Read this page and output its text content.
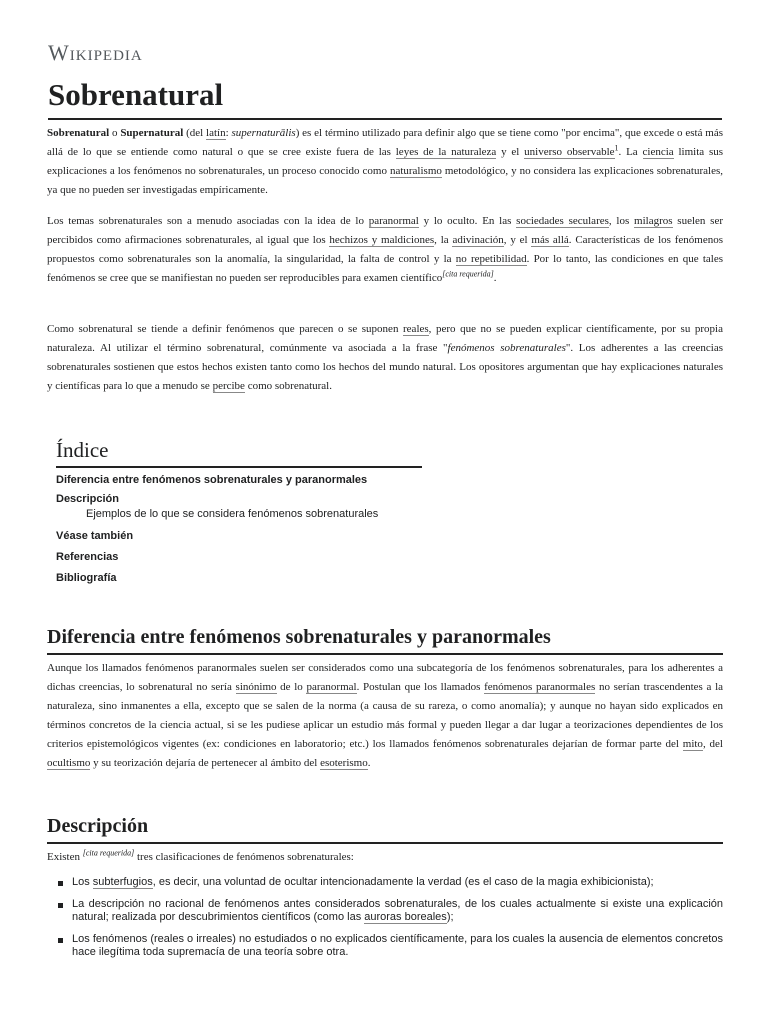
Wikipedia
Sobrenatural
Sobrenatural o Supernatural (del latín: supernaturālis) es el término utilizado para definir algo que se tiene como "por encima", que excede o está más allá de lo que se entiende como natural o que se cree existe fuera de las leyes de la naturaleza y el universo observable$^1$. La ciencia limita sus explicaciones a los fenómenos no sobrenaturales, un proceso conocido como naturalismo metodológico, y no considera las explicaciones sobrenaturales, ya que no pueden ser investigadas empíricamente.
Los temas sobrenaturales son a menudo asociadas con la idea de lo paranormal y lo oculto. En las sociedades seculares, los milagros suelen ser percibidos como afirmaciones sobrenaturales, al igual que los hechizos y maldiciones, la adivinación, y el más allá. Características de los fenómenos propuestos como sobrenaturales son la anomalía, la singularidad, la falta de control y la no repetibilidad. Por lo tanto, las condiciones en que tales fenómenos se cree que se manifiestan no pueden ser reproducibles para examen científico[cita requerida].
Como sobrenatural se tiende a definir fenómenos que parecen o se suponen reales, pero que no se pueden explicar científicamente, por su propia naturaleza. Al utilizar el término sobrenatural, comúnmente va asociada a la frase "fenómenos sobrenaturales". Los adherentes a las creencias sobrenaturales sostienen que estos hechos existen tanto como los hechos del mundo natural. Los opositores argumentan que hay explicaciones naturales y científicas para lo que a menudo se percibe como sobrenatural.
Índice
Diferencia entre fenómenos sobrenaturales y paranormales
Descripción
Ejemplos de lo que se considera fenómenos sobrenaturales
Véase también
Referencias
Bibliografía
Diferencia entre fenómenos sobrenaturales y paranormales
Aunque los llamados fenómenos paranormales suelen ser considerados como una subcategoría de los fenómenos sobrenaturales, para los adherentes a dichas creencias, lo sobrenatural no sería sinónimo de lo paranormal. Postulan que los llamados fenómenos paranormales no serían trascendentes a la naturaleza, sino inmanentes a ella, excepto que se salen de la norma (a causa de su rareza, o como anomalía); y aunque no hayan sido explicados en términos concretos de la ciencia actual, si se les pudiese aplicar un estudio más formal y pueden llegar a dar lugar a teorizaciones dependientes de los criterios epistemológicos vigentes (ex: condiciones en laboratorio; etc.) los llamados fenómenos sobrenaturales dejarían de formar parte del mito, del ocultismo y su teorización dejaría de pertenecer al ámbito del esoterismo.
Descripción
Existen [cita requerida] tres clasificaciones de fenómenos sobrenaturales:
Los subterfugios, es decir, una voluntad de ocultar intencionadamente la verdad (es el caso de la magia exhibicionista);
La descripción no racional de fenómenos antes considerados sobrenaturales, de los cuales actualmente si existe una explicación natural; realizada por descubrimientos científicos (como las auroras boreales);
Los fenómenos (reales o irreales) no estudiados o no explicados científicamente, para los cuales la ausencia de elementos concretos hace ilegítima toda supremacía de una teoría sobre otra.
